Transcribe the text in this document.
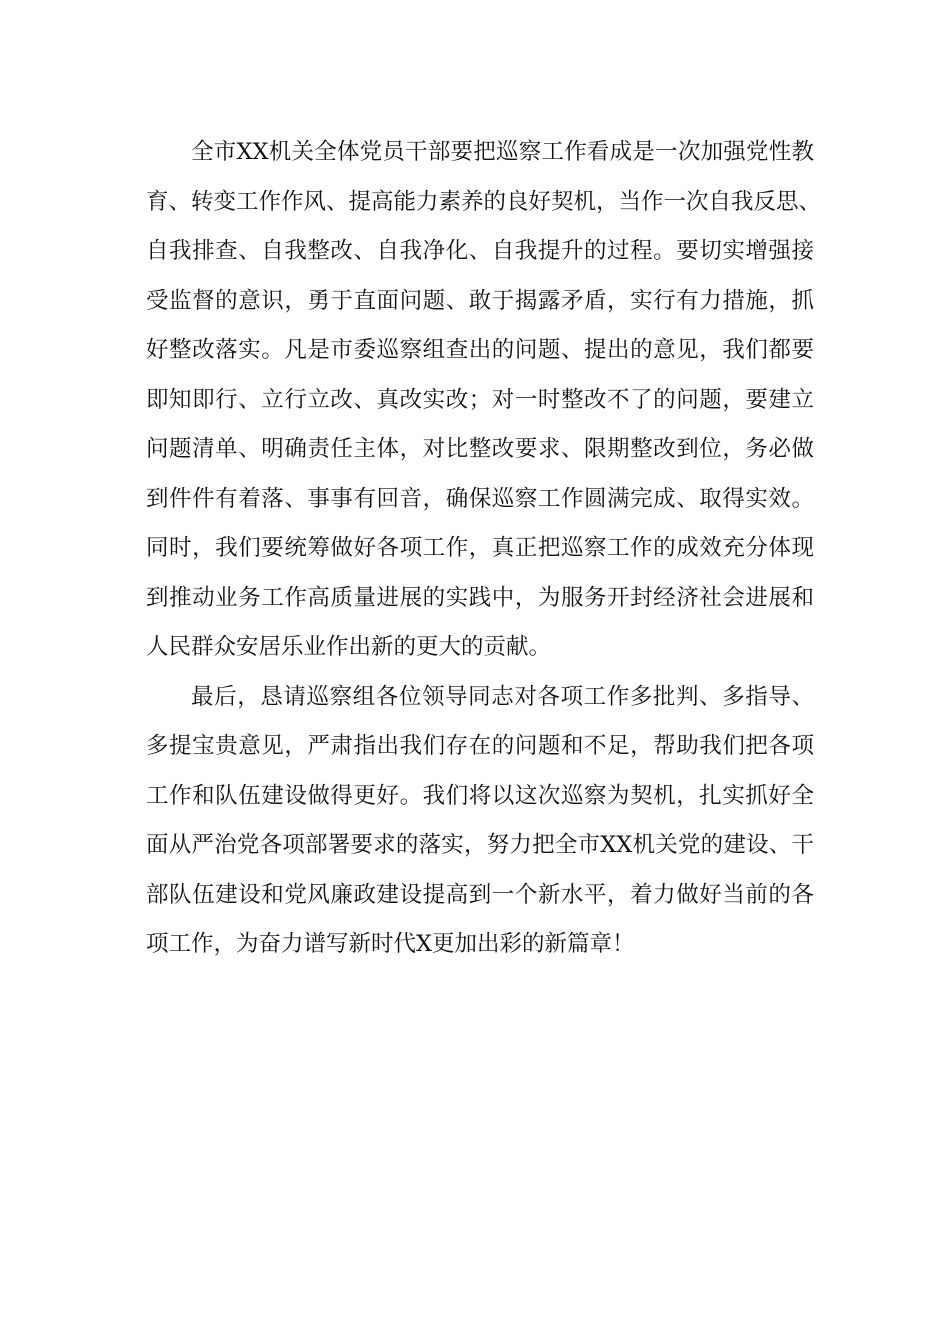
全市XX机关全体党员干部要把巡察工作看成是一次加强党性教
育、转变工作作风、提高能力素养的良好契机，当作一次自我反思、
自我排查、自我整改、自我净化、自我提升的过程。要切实增强接
受监督的意识，勇于直面问题、敢于揭露矛盾，实行有力措施，抓
好整改落实。凡是市委巡察组查出的问题、提出的意见，我们都要
即知即行、立行立改、真改实改；对一时整改不了的问题，要建立
问题清单、明确责任主体，对比整改要求、限期整改到位，务必做
到件件有着落、事事有回音，确保巡察工作圆满完成、取得实效。
同时，我们要统筹做好各项工作，真正把巡察工作的成效充分体现
到推动业务工作高质量进展的实践中，为服务开封经济社会进展和
人民群众安居乐业作出新的更大的贡献。
最后，恳请巡察组各位领导同志对各项工作多批判、多指导、
多提宝贵意见，严肃指出我们存在的问题和不足，帮助我们把各项
工作和队伍建设做得更好。我们将以这次巡察为契机，扎实抓好全
面从严治党各项部署要求的落实，努力把全市XX机关党的建设、干
部队伍建设和党风廉政建设提高到一个新水平，着力做好当前的各
项工作，为奋力谱写新时代X更加出彩的新篇章！
